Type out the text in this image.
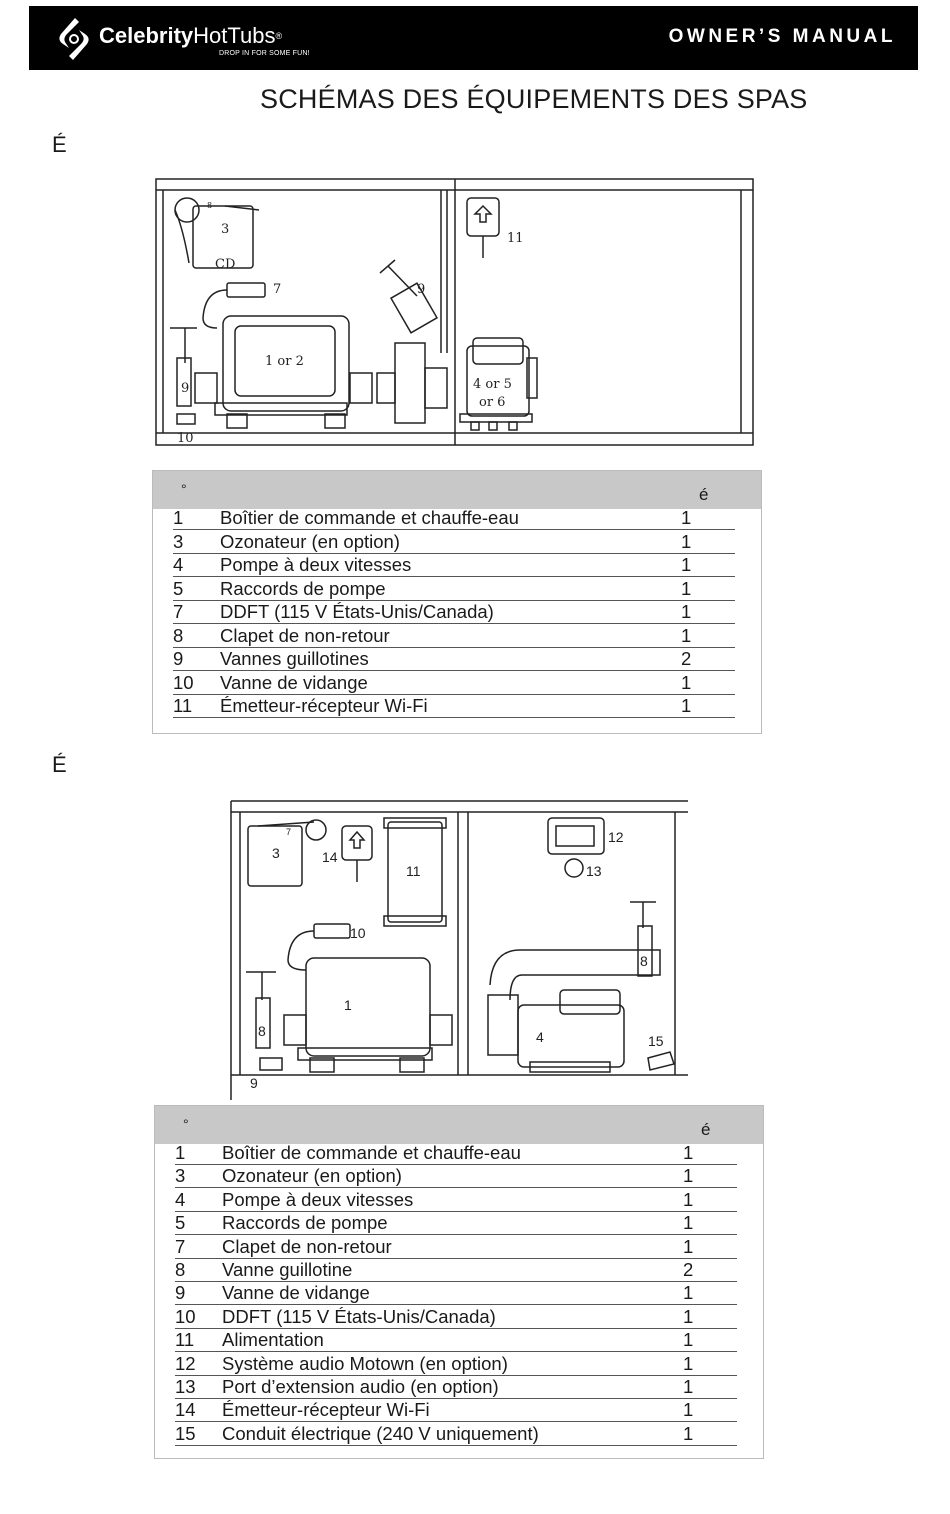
CelebrityHotTubs®
DROP IN FOR SOME FUN!
OWNER’S MANUAL
SCHÉMAS DES ÉQUIPEMENTS DES SPAS
É
3
CD
7	9
11
1 or 2
4 or 5
or 6
9
10
8
°	é
1 Boîtier de commande et chauffe-eau	1
3 Ozonateur (en option)	1
4 Pompe à deux vitesses	1
5 Raccords de pompe	1
7 DDFT (115 V États-Unis/Canada)	1
8 Clapet de non-retour	1
9 Vannes guillotines	2
10 Vanne de vidange	1
11 Émetteur-récepteur Wi-Fi	1
É
3	14
11
12
13
10
1
8
8
4	15
9
7
°	é
1 Boîtier de commande et chauffe-eau	1
3 Ozonateur (en option)	1
4 Pompe à deux vitesses	1
5 Raccords de pompe	1
7 Clapet de non-retour	1
8 Vanne guillotine	2
9 Vanne de vidange	1
10 DDFT (115 V États-Unis/Canada)	1
11 Alimentation	1
12 Système audio Motown (en option)	1
13 Port d’extension audio (en option)	1
14 Émetteur-récepteur Wi-Fi	1
15 Conduit électrique (240 V uniquement)	1
